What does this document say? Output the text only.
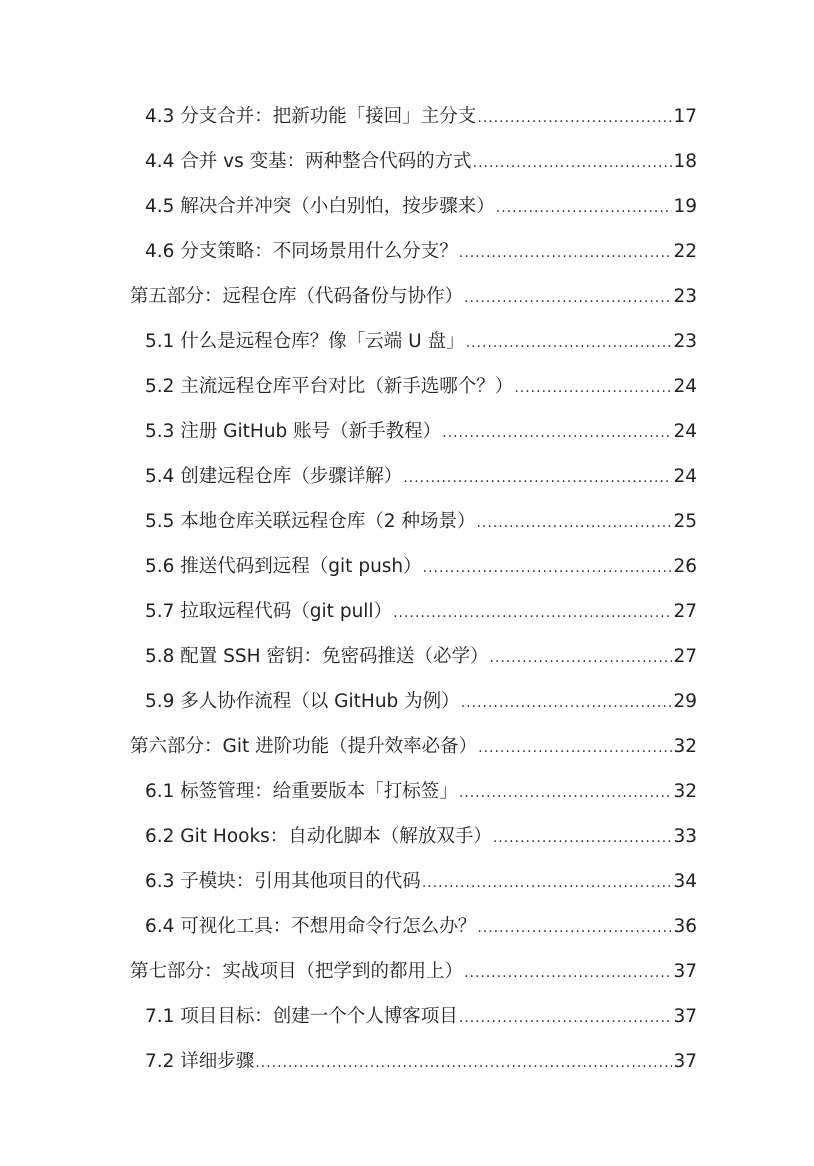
4.3 分支合并：把新功能「接回」主分支 .....	17
4.4 合并 vs 变基：两种整合代码的方式 .....	18
4.5 解决合并冲突（小白别怕，按步骤来） .....	19
4.6 分支策略：不同场景用什么分支？ .....	22
第五部分：远程仓库（代码备份与协作） .....	23
5.1 什么是远程仓库？像「云端 U 盘」 .....	23
5.2 主流远程仓库平台对比（新手选哪个？） .....	24
5.3 注册 GitHub 账号（新手教程） .....	24
5.4 创建远程仓库（步骤详解） .....	24
5.5 本地仓库关联远程仓库（2 种场景） .....	25
5.6 推送代码到远程（git push） .....	26
5.7 拉取远程代码（git pull） .....	27
5.8 配置 SSH 密钥：免密码推送（必学） .....	27
5.9 多人协作流程（以 GitHub 为例） .....	29
第六部分：Git 进阶功能（提升效率必备） .....	32
6.1 标签管理：给重要版本「打标签」 .....	32
6.2 Git Hooks：自动化脚本（解放双手） .....	33
6.3 子模块：引用其他项目的代码 .....	34
6.4 可视化工具：不想用命令行怎么办？ .....	36
第七部分：实战项目（把学到的都用上） .....	37
7.1 项目目标：创建一个个人博客项目 .....	37
7.2 详细步骤 .....	37
